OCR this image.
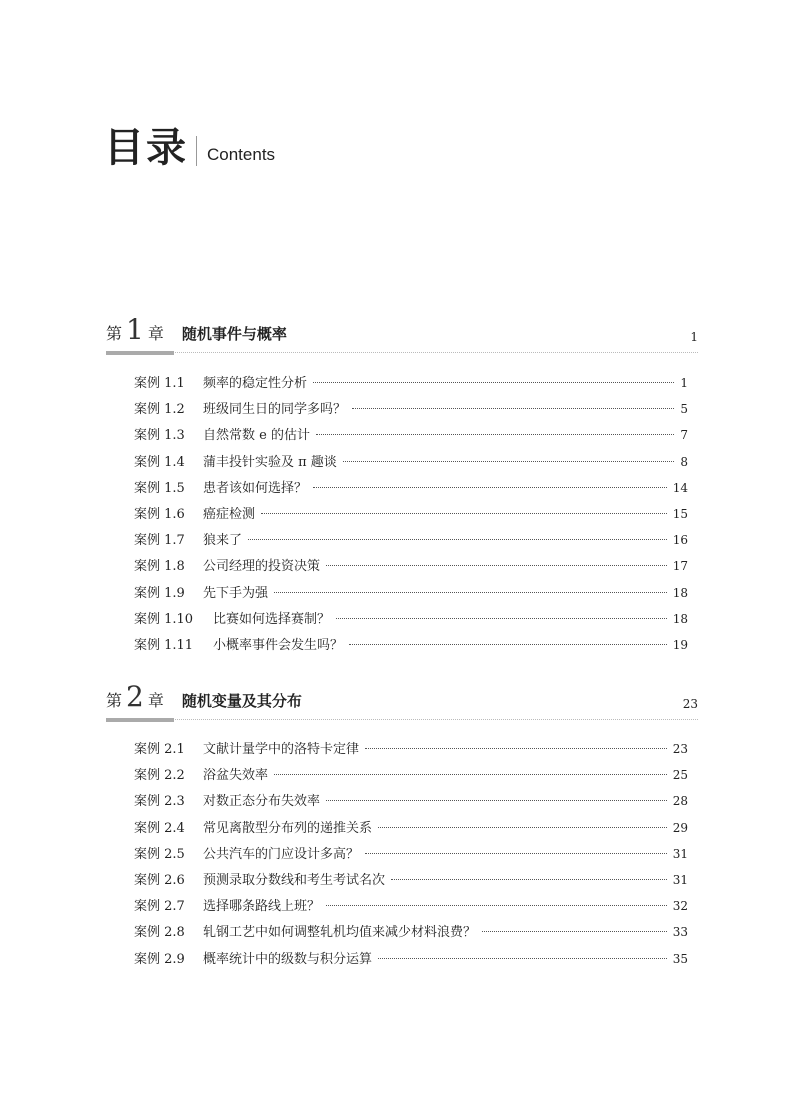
目录 Contents
第 1 章 随机事件与概率	1
案例 1.1	频率的稳定性分析	1
案例 1.2	班级同生日的同学多吗？	5
案例 1.3	自然常数 e 的估计	7
案例 1.4	蒲丰投针实验及 π 趣谈	8
案例 1.5	患者该如何选择？	14
案例 1.6	癌症检测	15
案例 1.7	狼来了	16
案例 1.8	公司经理的投资决策	17
案例 1.9	先下手为强	18
案例 1.10	比赛如何选择赛制？	18
案例 1.11	小概率事件会发生吗？	19
第 2 章 随机变量及其分布	23
案例 2.1	文献计量学中的洛特卡定律	23
案例 2.2	浴盆失效率	25
案例 2.3	对数正态分布失效率	28
案例 2.4	常见离散型分布列的递推关系	29
案例 2.5	公共汽车的门应设计多高？	31
案例 2.6	预测录取分数线和考生考试名次	31
案例 2.7	选择哪条路线上班？	32
案例 2.8	轧钢工艺中如何调整轧机均值来减少材料浪费？	33
案例 2.9	概率统计中的级数与积分运算	35
